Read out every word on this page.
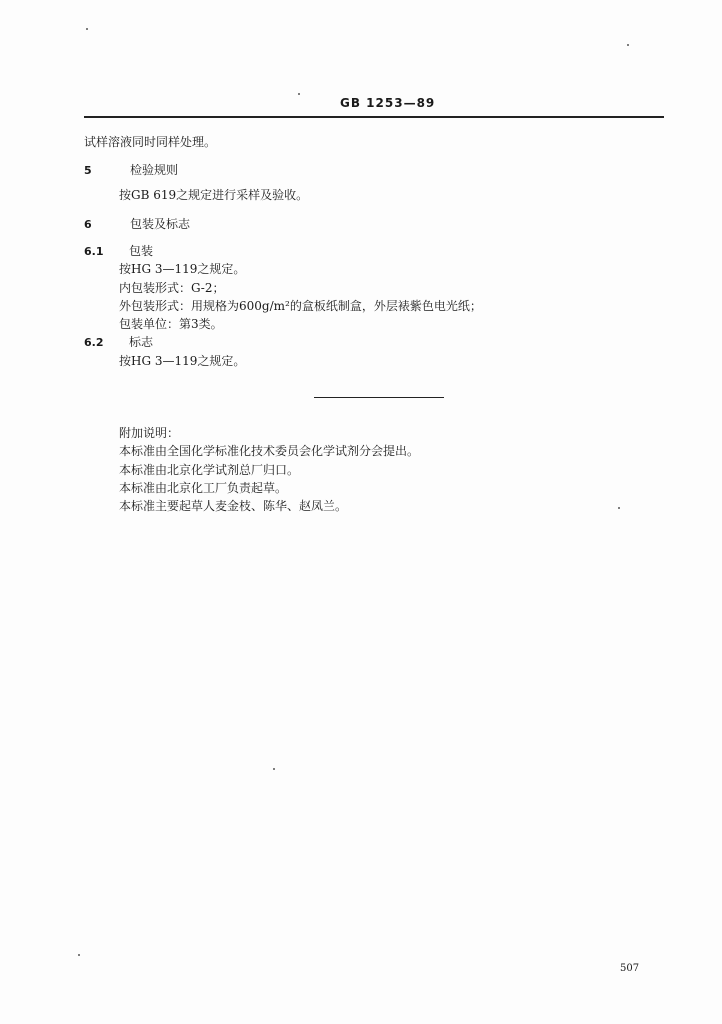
GB 1253—89
试样溶液同时同样处理。
5	检验规则
按GB 619之规定进行采样及验收。
6	包装及标志
6.1 包装
按HG 3—119之规定。
内包装形式：G-2；
外包装形式：用规格为600g/m²的盒板纸制盒，外层裱紫色电光纸；
包装单位：第3类。
6.2 标志
按HG 3—119之规定。
附加说明：
本标准由全国化学标准化技术委员会化学试剂分会提出。
本标准由北京化学试剂总厂归口。
本标准由北京化工厂负责起草。
本标准主要起草人麦金枝、陈华、赵凤兰。
507
